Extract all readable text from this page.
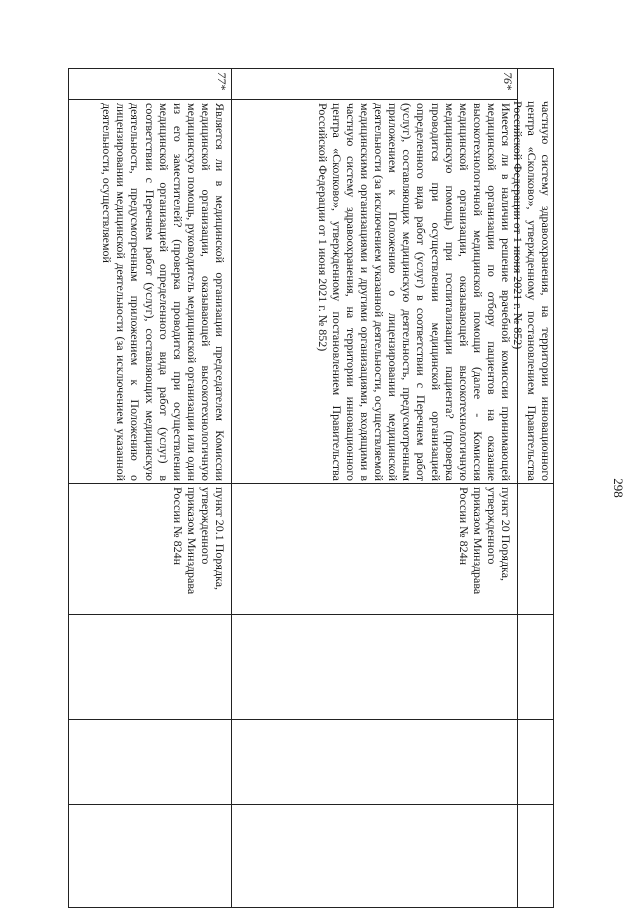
298

частную систему здравоохранения, на территории инновационного центра «Сколково», утвержденному постановлением Правительства Российской Федерации от 1 июня 2021 г. № 852)

76*

Имеется ли в наличии решение врачебной комиссии принимающей медицинской организации по отбору пациентов на оказание высокотехнологичной медицинской помощи (далее - Комиссия медицинской организации, оказывающей высокотехнологичную медицинскую помощь) при госпитализации пациента? (проверка проводится при осуществлении медицинской организацией определенного вида работ (услуг) в соответствии с Перечнем работ (услуг), составляющих медицинскую деятельность, предусмотренным приложением к Положению о лицензировании медицинской деятельности (за исключением указанной деятельности, осуществляемой медицинскими организациями и другими организациями, входящими в частную систему здравоохранения, на территории инновационного центра «Сколково», утвержденному постановлением Правительства Российской Федерации от 1 июня 2021 г. № 852)

пункт 20 Порядка, утвержденного приказом Минздрава России № 824н

77*

Является ли в медицинской организации председателем Комиссии медицинской организации, оказывающей высокотехнологичную медицинскую помощь, руководитель медицинской организации или один из его заместителей? (проверка проводится при осуществлении медицинской организацией определенного вида работ (услуг) в соответствии с Перечнем работ (услуг), составляющих медицинскую деятельность, предусмотренным приложением к Положению о лицензировании медицинской деятельности (за исключением указанной деятельности, осуществляемой

пункт 20.1 Порядка, утвержденного приказом Минздрава России № 824н
